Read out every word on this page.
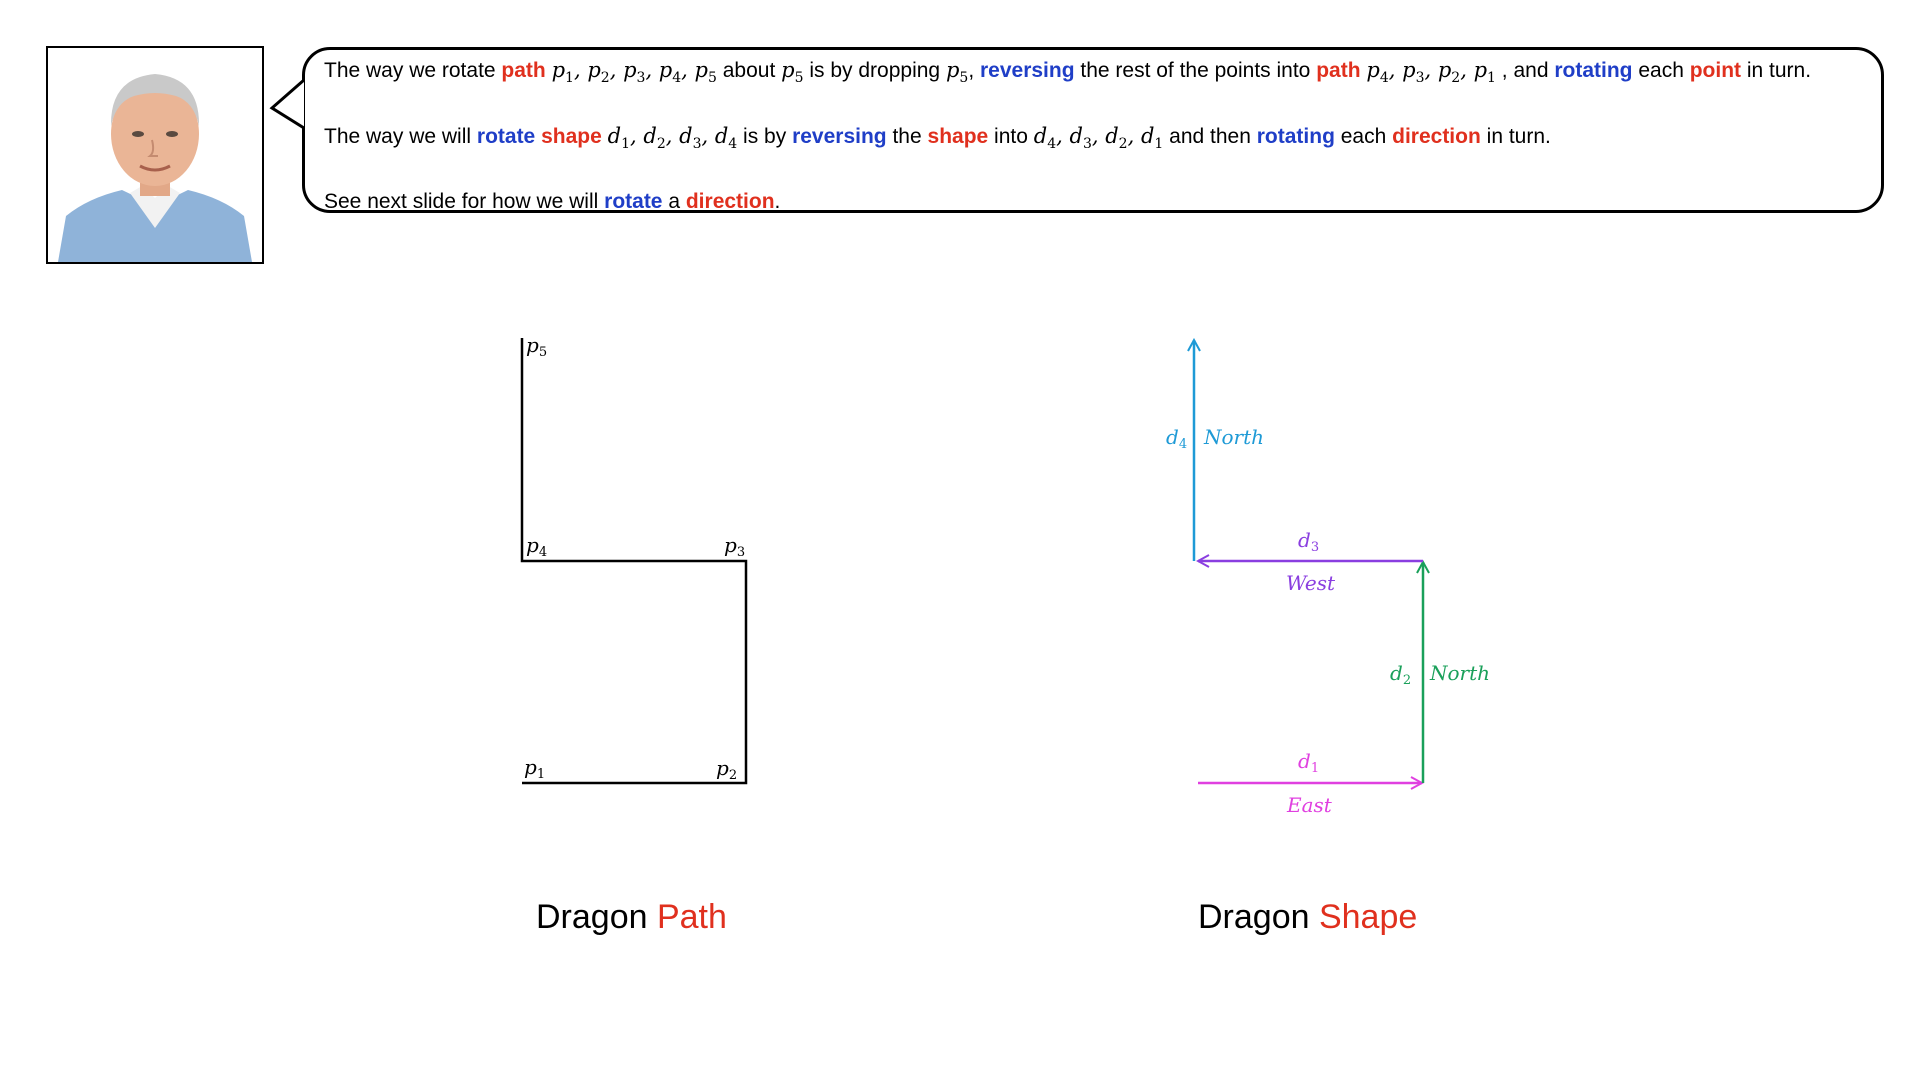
The way we rotate path $p_1$, $p_2$, $p_3$, $p_4$, $p_5$ about $p_5$ is by dropping $p_5$, reversing the rest of the points into path $p_4$, $p_3$, $p_2$, $p_1$ , and rotating each point in turn.
The way we will rotate shape $d_1$, $d_2$, $d_3$, $d_4$ is by reversing the shape into $d_4$, $d_3$, $d_2$, $d_1$ and then rotating each direction in turn.
See next slide for how we will rotate a direction.
$p_5$
$p_4$	$p_3$
$p_1$	$p_2$
$d_1$
East
$d_2$ North
$d_3$
West
$d_4$ North
Dragon Path	Dragon Shape
